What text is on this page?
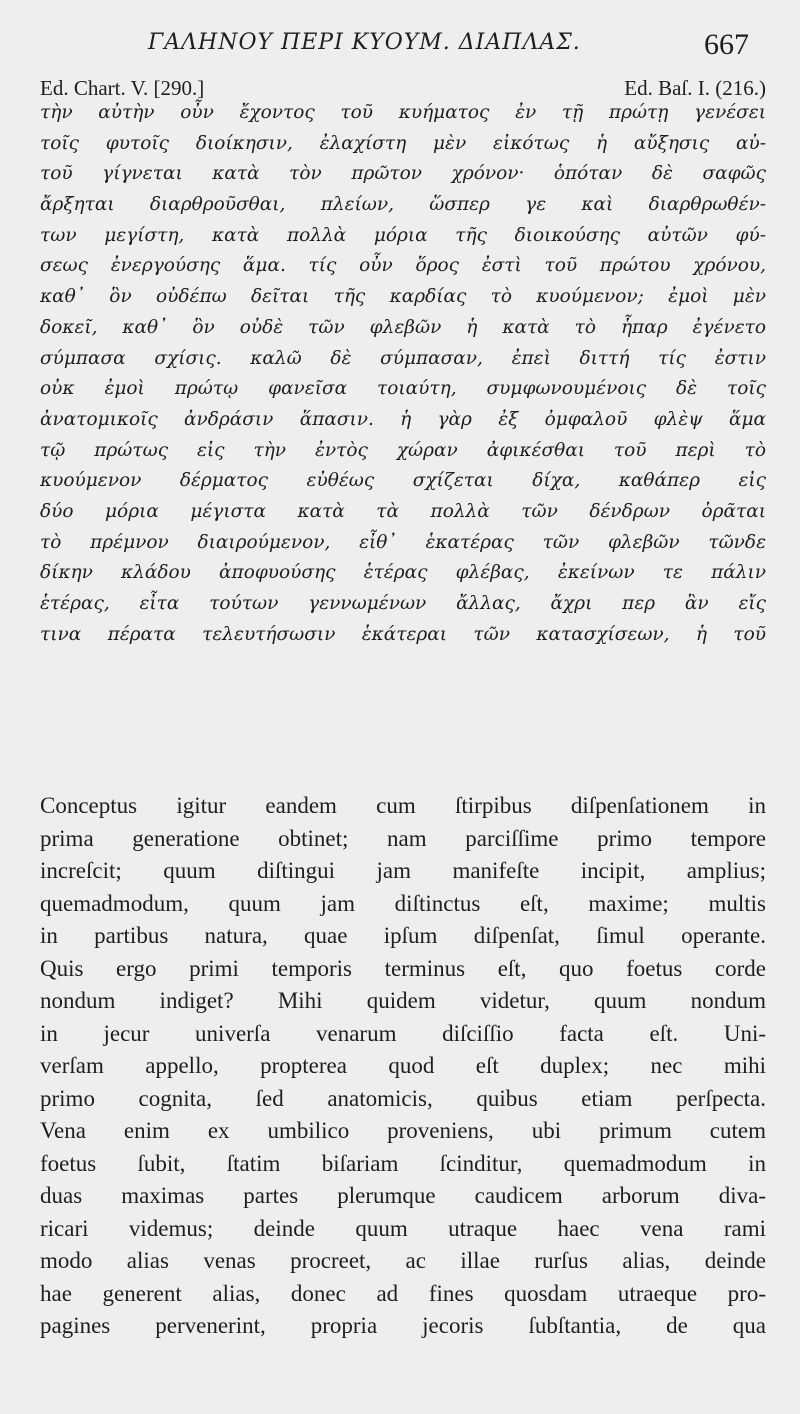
ΓΑΛΗΝΟΥ ΠΕΡΙ ΚΥΟΥΜ. ΔΙΑΠΛΑΣ.	667
Ed. Chart. V. [290.]	Ed. Baſ. I. (216.)
τὴν αὐτὴν οὖν ἔχοντος τοῦ κυήματος ἐν τῇ πρώτῃ γενέσει
τοῖς φυτοῖς διοίκησιν, ἐλαχίστη μὲν εἰκότως ἡ αὔξησις αὐ-
τοῦ γίγνεται κατὰ τὸν πρῶτον χρόνον· ὁπόταν δὲ σαφῶς
ἄρξηται διαρθροῦσθαι, πλείων, ὥσπερ γε καὶ διαρθρωθέν-
των μεγίστη, κατὰ πολλὰ μόρια τῆς διοικούσης αὐτῶν φύ-
σεως ἐνεργούσης ἅμα. τίς οὖν ὅρος ἐστὶ τοῦ πρώτου χρόνου,
καθ᾽ ὃν οὐδέπω δεῖται τῆς καρδίας τὸ κυούμενον; ἐμοὶ μὲν
δοκεῖ, καθ᾽ ὃν οὐδὲ τῶν φλεβῶν ἡ κατὰ τὸ ἧπαρ ἐγένετο
σύμπασα σχίσις. καλῶ δὲ σύμπασαν, ἐπεὶ διττή τίς ἐστιν
οὐκ ἐμοὶ πρώτῳ φανεῖσα τοιαύτη, συμφωνουμένοις δὲ τοῖς
ἀνατομικοῖς ἀνδράσιν ἅπασιν. ἡ γὰρ ἐξ ὀμφαλοῦ φλὲψ ἅμα
τῷ πρώτως εἰς τὴν ἐντὸς χώραν ἀφικέσθαι τοῦ περὶ τὸ
κυούμενον δέρματος εὐθέως σχίζεται δίχα, καθάπερ εἰς
δύο μόρια μέγιστα κατὰ τὰ πολλὰ τῶν δένδρων ὁρᾶται
τὸ πρέμνον διαιρούμενον, εἶθ᾽ ἑκατέρας τῶν φλεβῶν τῶνδε
δίκην κλάδου ἀποφυούσης ἑτέρας φλέβας, ἐκείνων τε πάλιν
ἑτέρας, εἶτα τούτων γεννωμένων ἄλλας, ἄχρι περ ἂν εἴς
τινα πέρατα τελευτήσωσιν ἑκάτεραι τῶν κατασχίσεων, ἡ τοῦ
Conceptus igitur eandem cum ſtirpibus diſpenſationem in
prima generatione obtinet; nam parciſſime primo tempore
increſcit; quum diſtingui jam manifeſte incipit, amplius;
quemadmodum, quum jam diſtinctus eſt, maxime; multis
in partibus natura, quae ipſum diſpenſat, ſimul operante.
Quis ergo primi temporis terminus eſt, quo foetus corde
nondum indiget? Mihi quidem videtur, quum nondum
in jecur univerſa venarum diſciſſio facta eſt. Uni-
verſam appello, propterea quod eſt duplex; nec mihi
primo cognita, ſed anatomicis, quibus etiam perſpecta.
Vena enim ex umbilico proveniens, ubi primum cutem
foetus ſubit, ſtatim biſariam ſcinditur, quemadmodum in
duas maximas partes plerumque caudicem arborum diva-
ricari videmus; deinde quum utraque haec vena rami
modo alias venas procreet, ac illae rurſus alias, deinde
hae generent alias, donec ad fines quosdam utraeque pro-
pagines pervenerint, propria jecoris ſubſtantia, de qua
